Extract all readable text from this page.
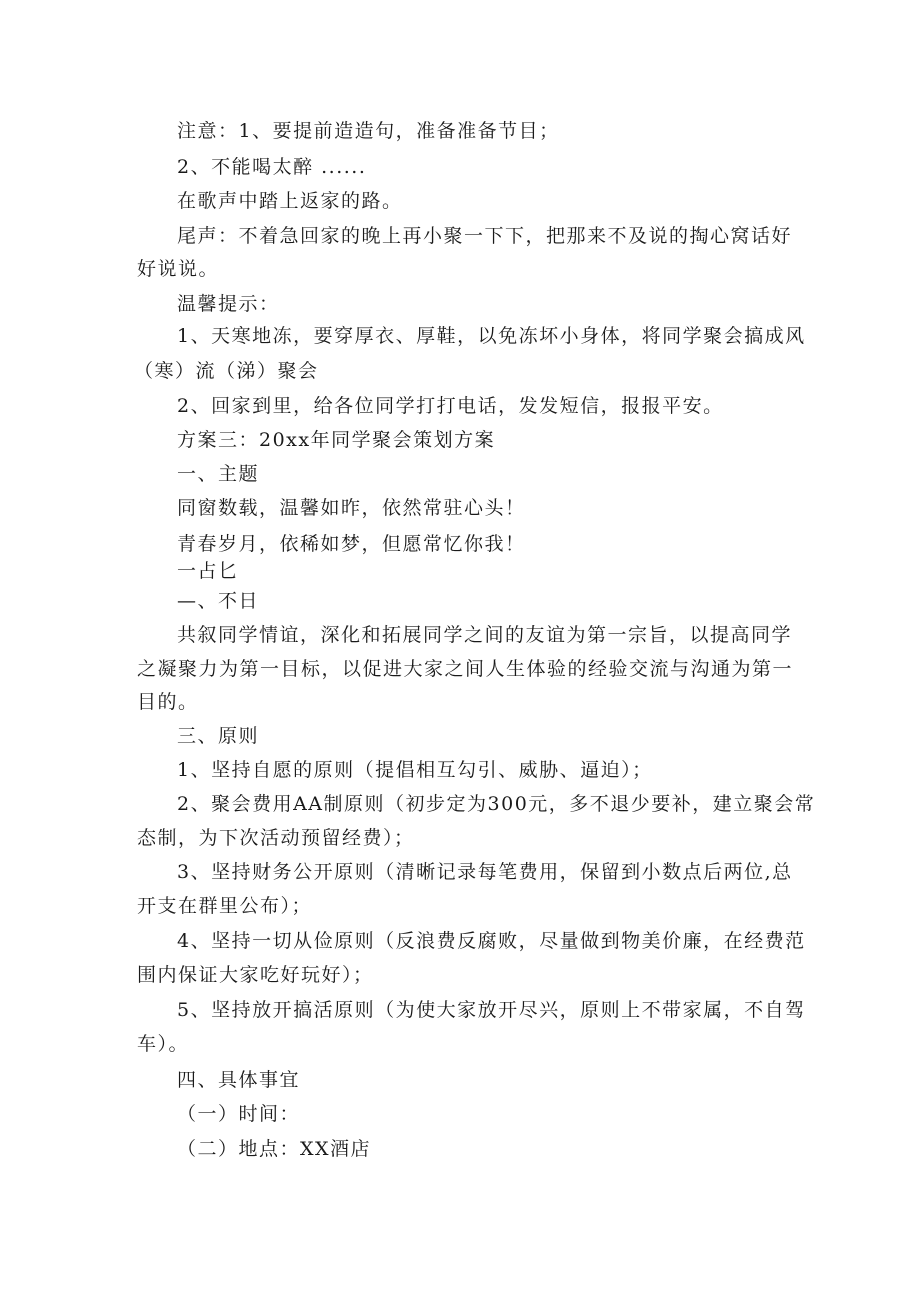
注意：1、要提前造造句，准备准备节目；
2、不能喝太醉 ......
在歌声中踏上返家的路。
尾声：不着急回家的晚上再小聚一下下，把那来不及说的掏心窝话好
好说说。
温馨提示：
1、天寒地冻，要穿厚衣、厚鞋，以免冻坏小身体，将同学聚会搞成风
（寒）流（涕）聚会
2、回家到里，给各位同学打打电话，发发短信，报报平安。
方案三：20xx年同学聚会策划方案
一、主题
同窗数载，温馨如昨，依然常驻心头！
青春岁月，依稀如梦，但愿常忆你我！
一占匕
—、不日
共叙同学情谊，深化和拓展同学之间的友谊为第一宗旨，以提高同学
之凝聚力为第一目标，以促进大家之间人生体验的经验交流与沟通为第一
目的。
三、原则
1、坚持自愿的原则（提倡相互勾引、威胁、逼迫）；
2、聚会费用AA制原则（初步定为300元，多不退少要补，建立聚会常
态制，为下次活动预留经费）；
3、坚持财务公开原则（清晰记录每笔费用，保留到小数点后两位,总
开支在群里公布）；
4、坚持一切从俭原则（反浪费反腐败，尽量做到物美价廉，在经费范
围内保证大家吃好玩好）；
5、坚持放开搞活原则（为使大家放开尽兴，原则上不带家属，不自驾
车）。
四、具体事宜
（一）时间：
（二）地点：XX酒店
